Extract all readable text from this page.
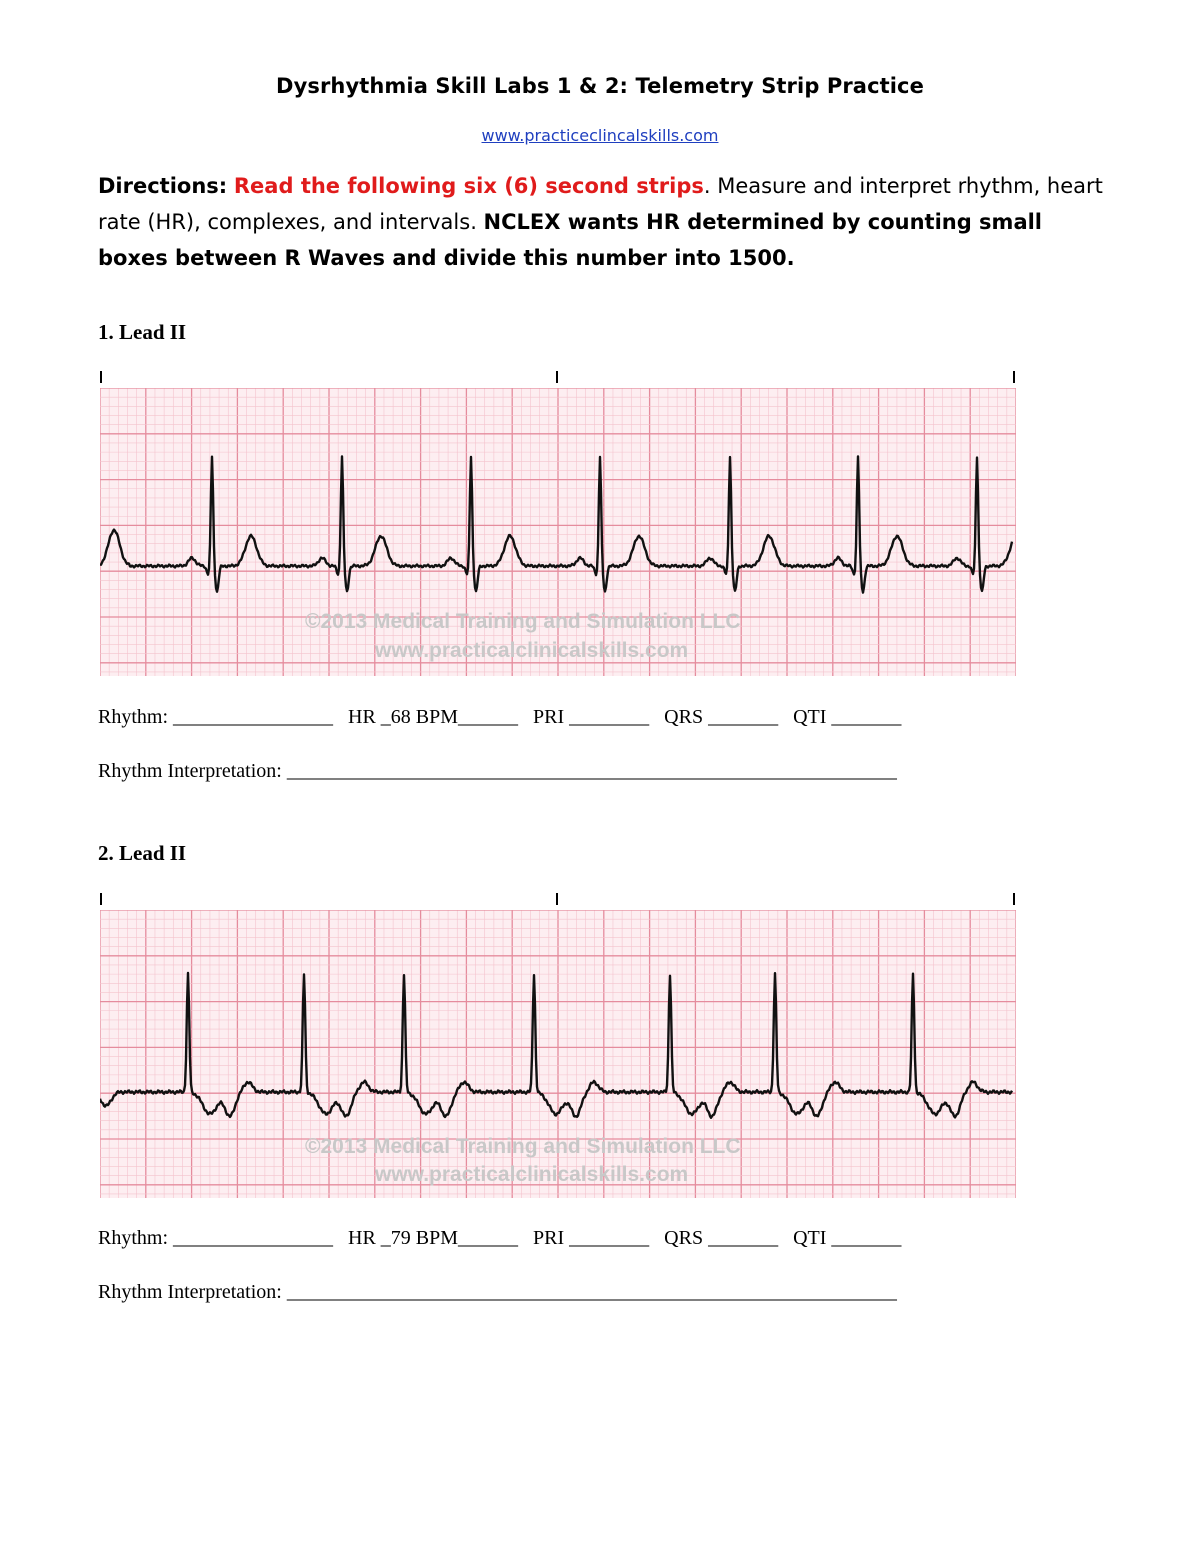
Dysrhythmia Skill Labs 1 & 2: Telemetry Strip Practice
www.practiceclincalskills.com
Directions: Read the following six (6) second strips. Measure and interpret rhythm, heart rate (HR), complexes, and intervals. NCLEX wants HR determined by counting small boxes between R Waves and divide this number into 1500.
1. Lead II
©2013 Medical Training and Simulation LLC
www.practicalclinicalskills.com
Rhythm: ________________ HR _68 BPM______ PRI ________ QRS _______ QTI _______
Rhythm Interpretation: _____________________________________________________________
2. Lead II
©2013 Medical Training and Simulation LLC
www.practicalclinicalskills.com
Rhythm: ________________ HR _79 BPM______ PRI ________ QRS _______ QTI _______
Rhythm Interpretation: _____________________________________________________________
